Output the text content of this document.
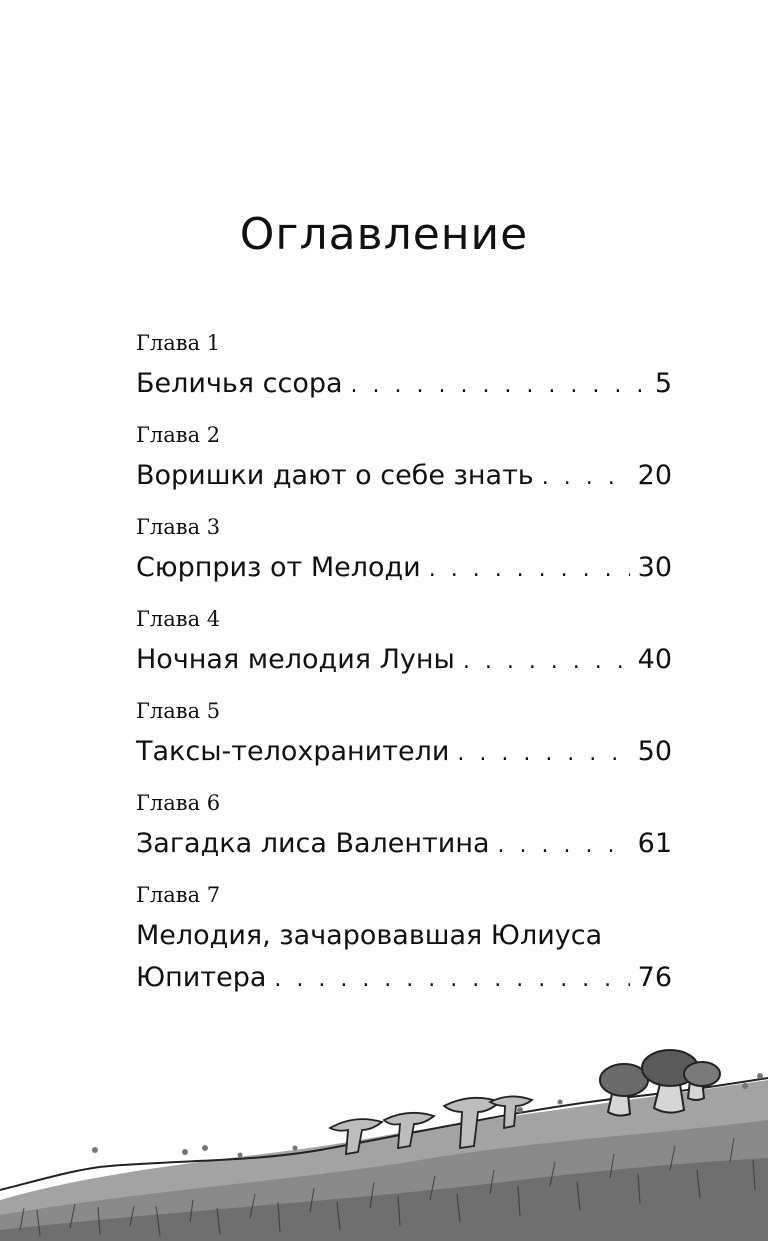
Оглавление
Глава 1
Беличья ссора . . .	5
Глава 2
Воришки дают о себе знать . . .	20
Глава 3
Сюрприз от Мелоди . . .	30
Глава 4
Ночная мелодия Луны . . .	40
Глава 5
Таксы-телохранители . . .	50
Глава 6
Загадка лиса Валентина . . .	61
Глава 7
Мелодия, зачаровавшая Юлиуса
Юпитера . . .	76
